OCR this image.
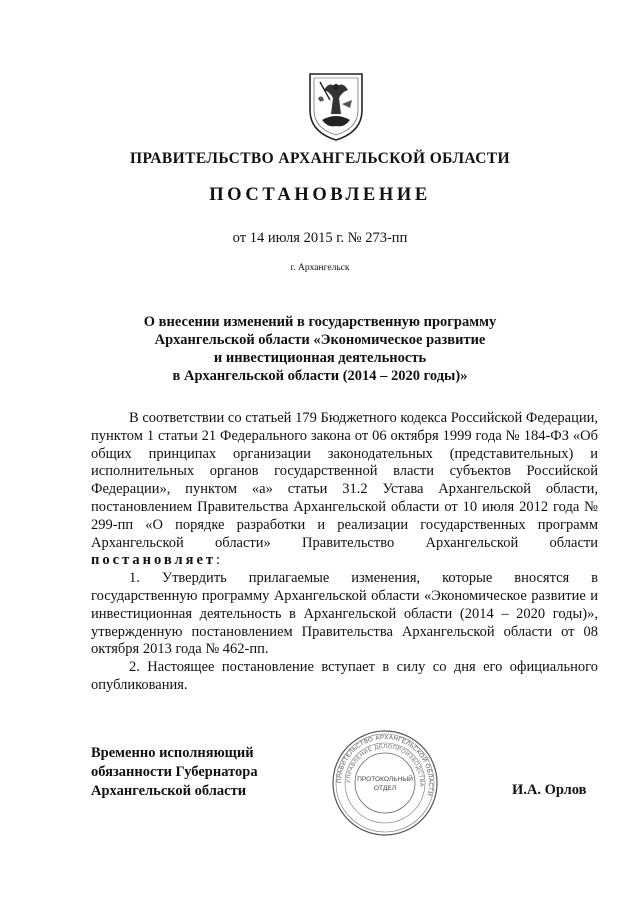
ПРАВИТЕЛЬСТВО АРХАНГЕЛЬСКОЙ ОБЛАСТИ
ПОСТАНОВЛЕНИЕ
от 14 июля 2015 г. № 273-пп
г. Архангельск
О внесении изменений в государственную программу
Архангельской области «Экономическое развитие
и инвестиционная деятельность
в Архангельской области (2014 – 2020 годы)»

В соответствии со статьей 179 Бюджетного кодекса Российской Федерации, пунктом 1 статьи 21 Федерального закона от 06 октября 1999 года № 184-ФЗ «Об общих принципах организации законодательных (представительных) и исполнительных органов государственной власти субъектов Российской Федерации», пунктом «а» статьи 31.2 Устава Архангельской области, постановлением Правительства Архангельской области от 10 июля 2012 года № 299-пп «О порядке разработки и реализации государственных программ Архангельской области» Правительство Архангельской области постановляет:

1. Утвердить прилагаемые изменения, которые вносятся в государственную программу Архангельской области «Экономическое развитие и инвестиционная деятельность в Архангельской области (2014 – 2020 годы)», утвержденную постановлением Правительства Архангельской области от 08 октября 2013 года № 462-пп.

2. Настоящее постановление вступает в силу со дня его официального опубликования.

Временно исполняющий
обязанности Губернатора
Архангельской области	И.А. Орлов
ПРАВИТЕЛЬСТВО АРХАНГЕЛЬСКОЙ ОБЛАСТИ
УПРАВЛЕНИЕ ДЕЛОПРОИЗВОДСТВА
ПРОТОКОЛЬНЫЙ
ОТДЕЛ
